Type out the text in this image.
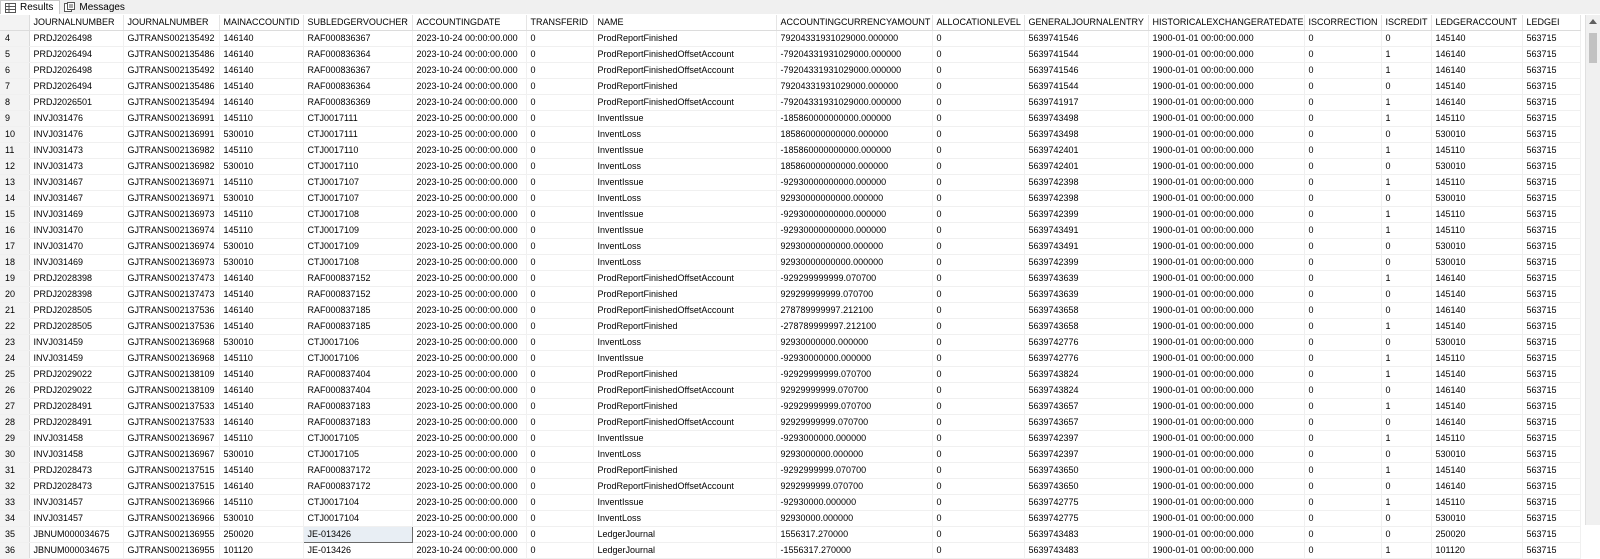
Results	Messages
	JOURNALNUMBER	JOURNALNUMBER	MAINACCOUNTID	SUBLEDGERVOUCHER	ACCOUNTINGDATE	TRANSFERID	NAME	ACCOUNTINGCURRENCYAMOUNT	ALLOCATIONLEVEL	GENERALJOURNALENTRY	HISTORICALEXCHANGERATEDATE	ISCORRECTION	ISCREDIT	LEDGERACCOUNT	LEDGEI
4	PRDJ2026498	GJTRANS002135492	146140	RAF000836367	2023-10-24 00:00:00.000	0	ProdReportFinished	79204331931029000.000000	0	5639741546	1900-01-01 00:00:00.000	0	0	145140	563715
5	PRDJ2026494	GJTRANS002135486	146140	RAF000836364	2023-10-24 00:00:00.000	0	ProdReportFinishedOffsetAccount	-79204331931029000.000000	0	5639741544	1900-01-01 00:00:00.000	0	1	146140	563715
6	PRDJ2026498	GJTRANS002135492	146140	RAF000836367	2023-10-24 00:00:00.000	0	ProdReportFinishedOffsetAccount	-79204331931029000.000000	0	5639741546	1900-01-01 00:00:00.000	0	1	146140	563715
7	PRDJ2026494	GJTRANS002135486	145140	RAF000836364	2023-10-24 00:00:00.000	0	ProdReportFinished	79204331931029000.000000	0	5639741544	1900-01-01 00:00:00.000	0	0	145140	563715
8	PRDJ2026501	GJTRANS002135494	146140	RAF000836369	2023-10-24 00:00:00.000	0	ProdReportFinishedOffsetAccount	-79204331931029000.000000	0	5639741917	1900-01-01 00:00:00.000	0	1	146140	563715
9	INVJ031476	GJTRANS002136991	145110	CTJ0017111	2023-10-25 00:00:00.000	0	InventIssue	-185860000000000.000000	0	5639743498	1900-01-01 00:00:00.000	0	1	145110	563715
10	INVJ031476	GJTRANS002136991	530010	CTJ0017111	2023-10-25 00:00:00.000	0	InventLoss	185860000000000.000000	0	5639743498	1900-01-01 00:00:00.000	0	0	530010	563715
11	INVJ031473	GJTRANS002136982	145110	CTJ0017110	2023-10-25 00:00:00.000	0	InventIssue	-185860000000000.000000	0	5639742401	1900-01-01 00:00:00.000	0	1	145110	563715
12	INVJ031473	GJTRANS002136982	530010	CTJ0017110	2023-10-25 00:00:00.000	0	InventLoss	185860000000000.000000	0	5639742401	1900-01-01 00:00:00.000	0	0	530010	563715
13	INVJ031467	GJTRANS002136971	145110	CTJ0017107	2023-10-25 00:00:00.000	0	InventIssue	-92930000000000.000000	0	5639742398	1900-01-01 00:00:00.000	0	1	145110	563715
14	INVJ031467	GJTRANS002136971	530010	CTJ0017107	2023-10-25 00:00:00.000	0	InventLoss	92930000000000.000000	0	5639742398	1900-01-01 00:00:00.000	0	0	530010	563715
15	INVJ031469	GJTRANS002136973	145110	CTJ0017108	2023-10-25 00:00:00.000	0	InventIssue	-92930000000000.000000	0	5639742399	1900-01-01 00:00:00.000	0	1	145110	563715
16	INVJ031470	GJTRANS002136974	145110	CTJ0017109	2023-10-25 00:00:00.000	0	InventIssue	-92930000000000.000000	0	5639743491	1900-01-01 00:00:00.000	0	1	145110	563715
17	INVJ031470	GJTRANS002136974	530010	CTJ0017109	2023-10-25 00:00:00.000	0	InventLoss	92930000000000.000000	0	5639743491	1900-01-01 00:00:00.000	0	0	530010	563715
18	INVJ031469	GJTRANS002136973	530010	CTJ0017108	2023-10-25 00:00:00.000	0	InventLoss	92930000000000.000000	0	5639742399	1900-01-01 00:00:00.000	0	0	530010	563715
19	PRDJ2028398	GJTRANS002137473	146140	RAF000837152	2023-10-25 00:00:00.000	0	ProdReportFinishedOffsetAccount	-929299999999.070700	0	5639743639	1900-01-01 00:00:00.000	0	1	146140	563715
20	PRDJ2028398	GJTRANS002137473	145140	RAF000837152	2023-10-25 00:00:00.000	0	ProdReportFinished	929299999999.070700	0	5639743639	1900-01-01 00:00:00.000	0	0	145140	563715
21	PRDJ2028505	GJTRANS002137536	146140	RAF000837185	2023-10-25 00:00:00.000	0	ProdReportFinishedOffsetAccount	278789999997.212100	0	5639743658	1900-01-01 00:00:00.000	0	0	146140	563715
22	PRDJ2028505	GJTRANS002137536	145140	RAF000837185	2023-10-25 00:00:00.000	0	ProdReportFinished	-278789999997.212100	0	5639743658	1900-01-01 00:00:00.000	0	1	145140	563715
23	INVJ031459	GJTRANS002136968	530010	CTJ0017106	2023-10-25 00:00:00.000	0	InventLoss	92930000000.000000	0	5639742776	1900-01-01 00:00:00.000	0	0	530010	563715
24	INVJ031459	GJTRANS002136968	145110	CTJ0017106	2023-10-25 00:00:00.000	0	InventIssue	-92930000000.000000	0	5639742776	1900-01-01 00:00:00.000	0	1	145110	563715
25	PRDJ2029022	GJTRANS002138109	145140	RAF000837404	2023-10-25 00:00:00.000	0	ProdReportFinished	-92929999999.070700	0	5639743824	1900-01-01 00:00:00.000	0	1	145140	563715
26	PRDJ2029022	GJTRANS002138109	146140	RAF000837404	2023-10-25 00:00:00.000	0	ProdReportFinishedOffsetAccount	92929999999.070700	0	5639743824	1900-01-01 00:00:00.000	0	0	146140	563715
27	PRDJ2028491	GJTRANS002137533	145140	RAF000837183	2023-10-25 00:00:00.000	0	ProdReportFinished	-92929999999.070700	0	5639743657	1900-01-01 00:00:00.000	0	1	145140	563715
28	PRDJ2028491	GJTRANS002137533	146140	RAF000837183	2023-10-25 00:00:00.000	0	ProdReportFinishedOffsetAccount	92929999999.070700	0	5639743657	1900-01-01 00:00:00.000	0	0	146140	563715
29	INVJ031458	GJTRANS002136967	145110	CTJ0017105	2023-10-25 00:00:00.000	0	InventIssue	-9293000000.000000	0	5639742397	1900-01-01 00:00:00.000	0	1	145110	563715
30	INVJ031458	GJTRANS002136967	530010	CTJ0017105	2023-10-25 00:00:00.000	0	InventLoss	9293000000.000000	0	5639742397	1900-01-01 00:00:00.000	0	0	530010	563715
31	PRDJ2028473	GJTRANS002137515	145140	RAF000837172	2023-10-25 00:00:00.000	0	ProdReportFinished	-9292999999.070700	0	5639743650	1900-01-01 00:00:00.000	0	1	145140	563715
32	PRDJ2028473	GJTRANS002137515	146140	RAF000837172	2023-10-25 00:00:00.000	0	ProdReportFinishedOffsetAccount	9292999999.070700	0	5639743650	1900-01-01 00:00:00.000	0	0	146140	563715
33	INVJ031457	GJTRANS002136966	145110	CTJ0017104	2023-10-25 00:00:00.000	0	InventIssue	-92930000.000000	0	5639742775	1900-01-01 00:00:00.000	0	1	145110	563715
34	INVJ031457	GJTRANS002136966	530010	CTJ0017104	2023-10-25 00:00:00.000	0	InventLoss	92930000.000000	0	5639742775	1900-01-01 00:00:00.000	0	0	530010	563715
35	JBNUM000034675	GJTRANS002136955	250020	JE-013426	2023-10-24 00:00:00.000	0	LedgerJournal	1556317.270000	0	5639743483	1900-01-01 00:00:00.000	0	0	250020	563715
36	JBNUM000034675	GJTRANS002136955	101120	JE-013426	2023-10-24 00:00:00.000	0	LedgerJournal	-1556317.270000	0	5639743483	1900-01-01 00:00:00.000	0	1	101120	563715
